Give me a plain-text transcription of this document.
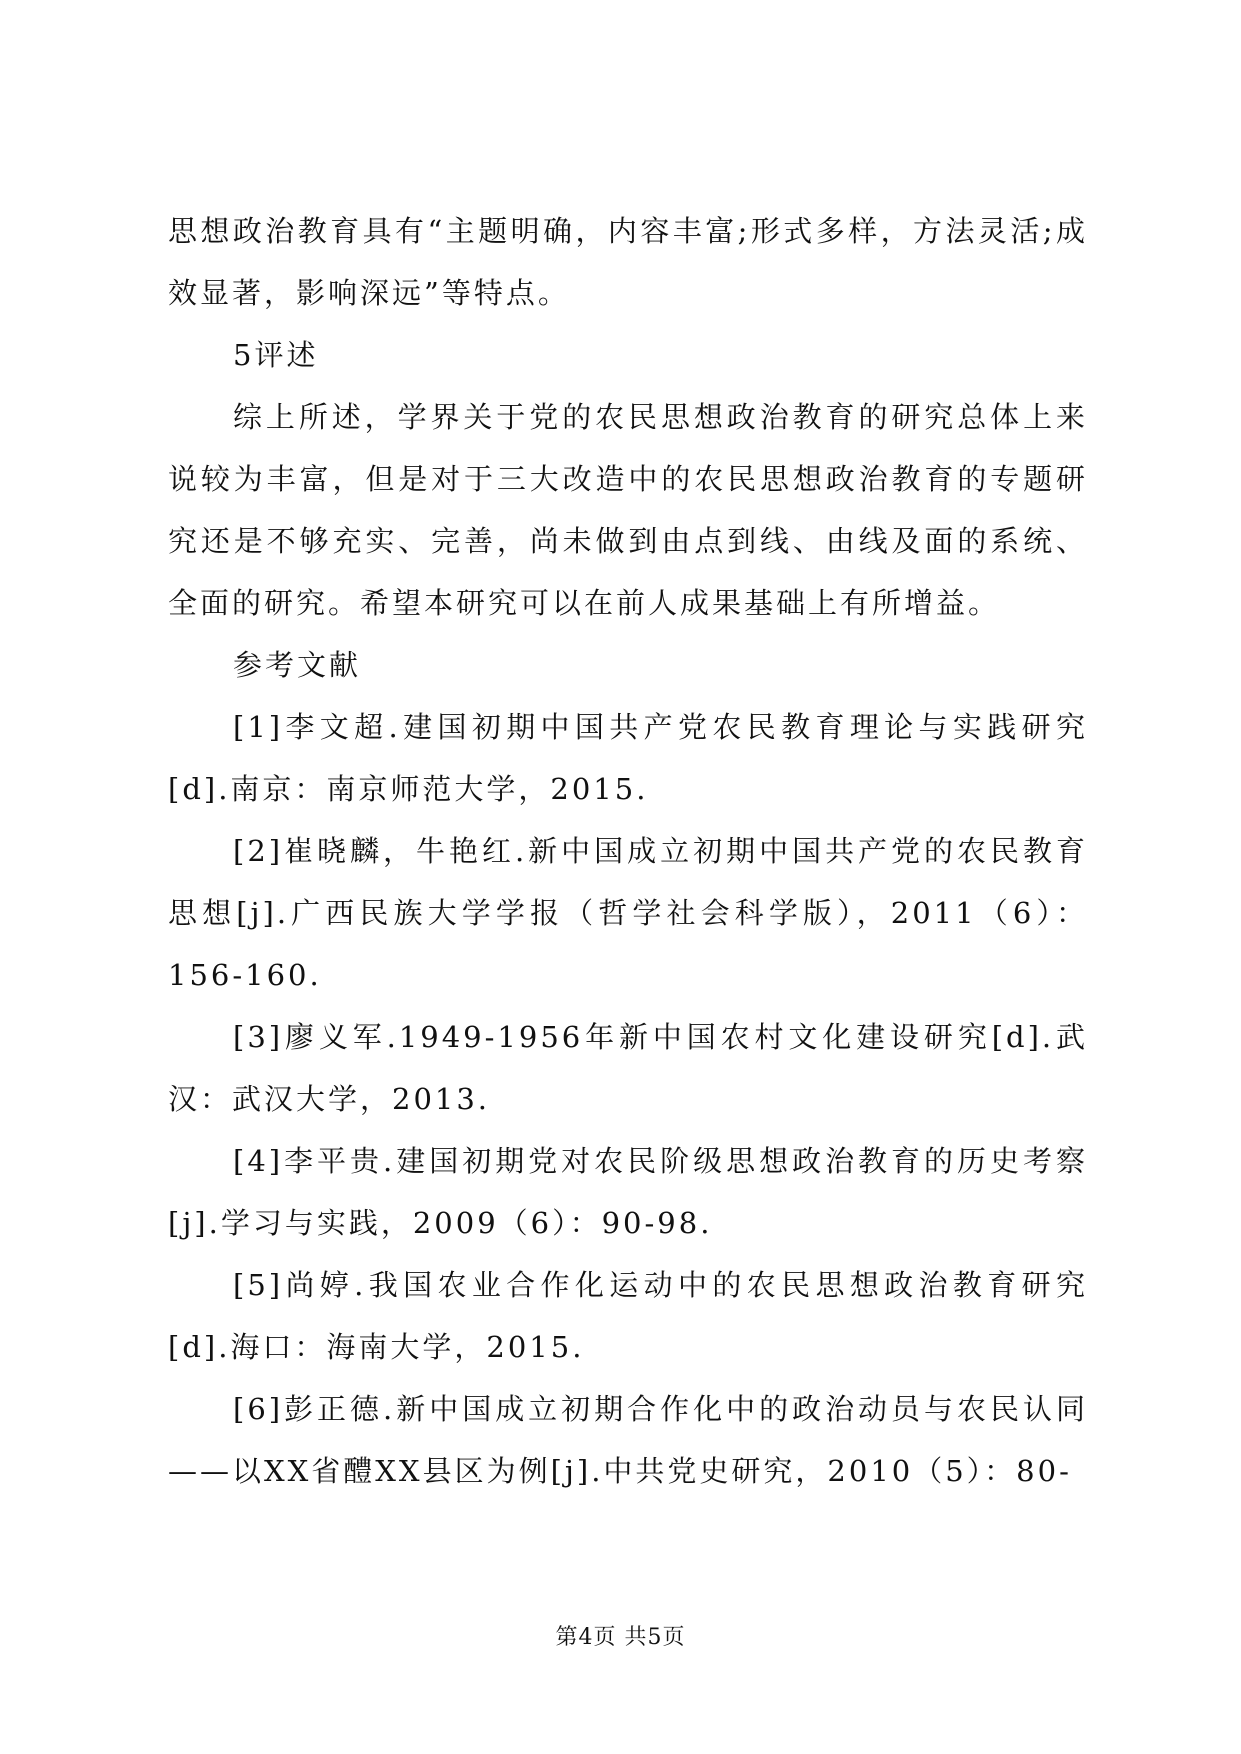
思想政治教育具有“主题明确，内容丰富;形式多样，方法灵活;成效显著，影响深远”等特点。

5评述

综上所述，学界关于党的农民思想政治教育的研究总体上来说较为丰富，但是对于三大改造中的农民思想政治教育的专题研究还是不够充实、完善，尚未做到由点到线、由线及面的系统、全面的研究。希望本研究可以在前人成果基础上有所增益。

参考文献

[1]李文超.建国初期中国共产党农民教育理论与实践研究[d].南京：南京师范大学，2015.

[2]崔晓麟，牛艳红.新中国成立初期中国共产党的农民教育思想[j].广西民族大学学报（哲学社会科学版），2011（6）：156-160.

[3]廖义军.1949-1956年新中国农村文化建设研究[d].武汉：武汉大学，2013.

[4]李平贵.建国初期党对农民阶级思想政治教育的历史考察[j].学习与实践，2009（6）：90-98.

[5]尚婷.我国农业合作化运动中的农民思想政治教育研究[d].海口：海南大学，2015.

[6]彭正德.新中国成立初期合作化中的政治动员与农民认同——以XX省醴XX县区为例[j].中共党史研究，2010（5）：80-

第4页 共5页
